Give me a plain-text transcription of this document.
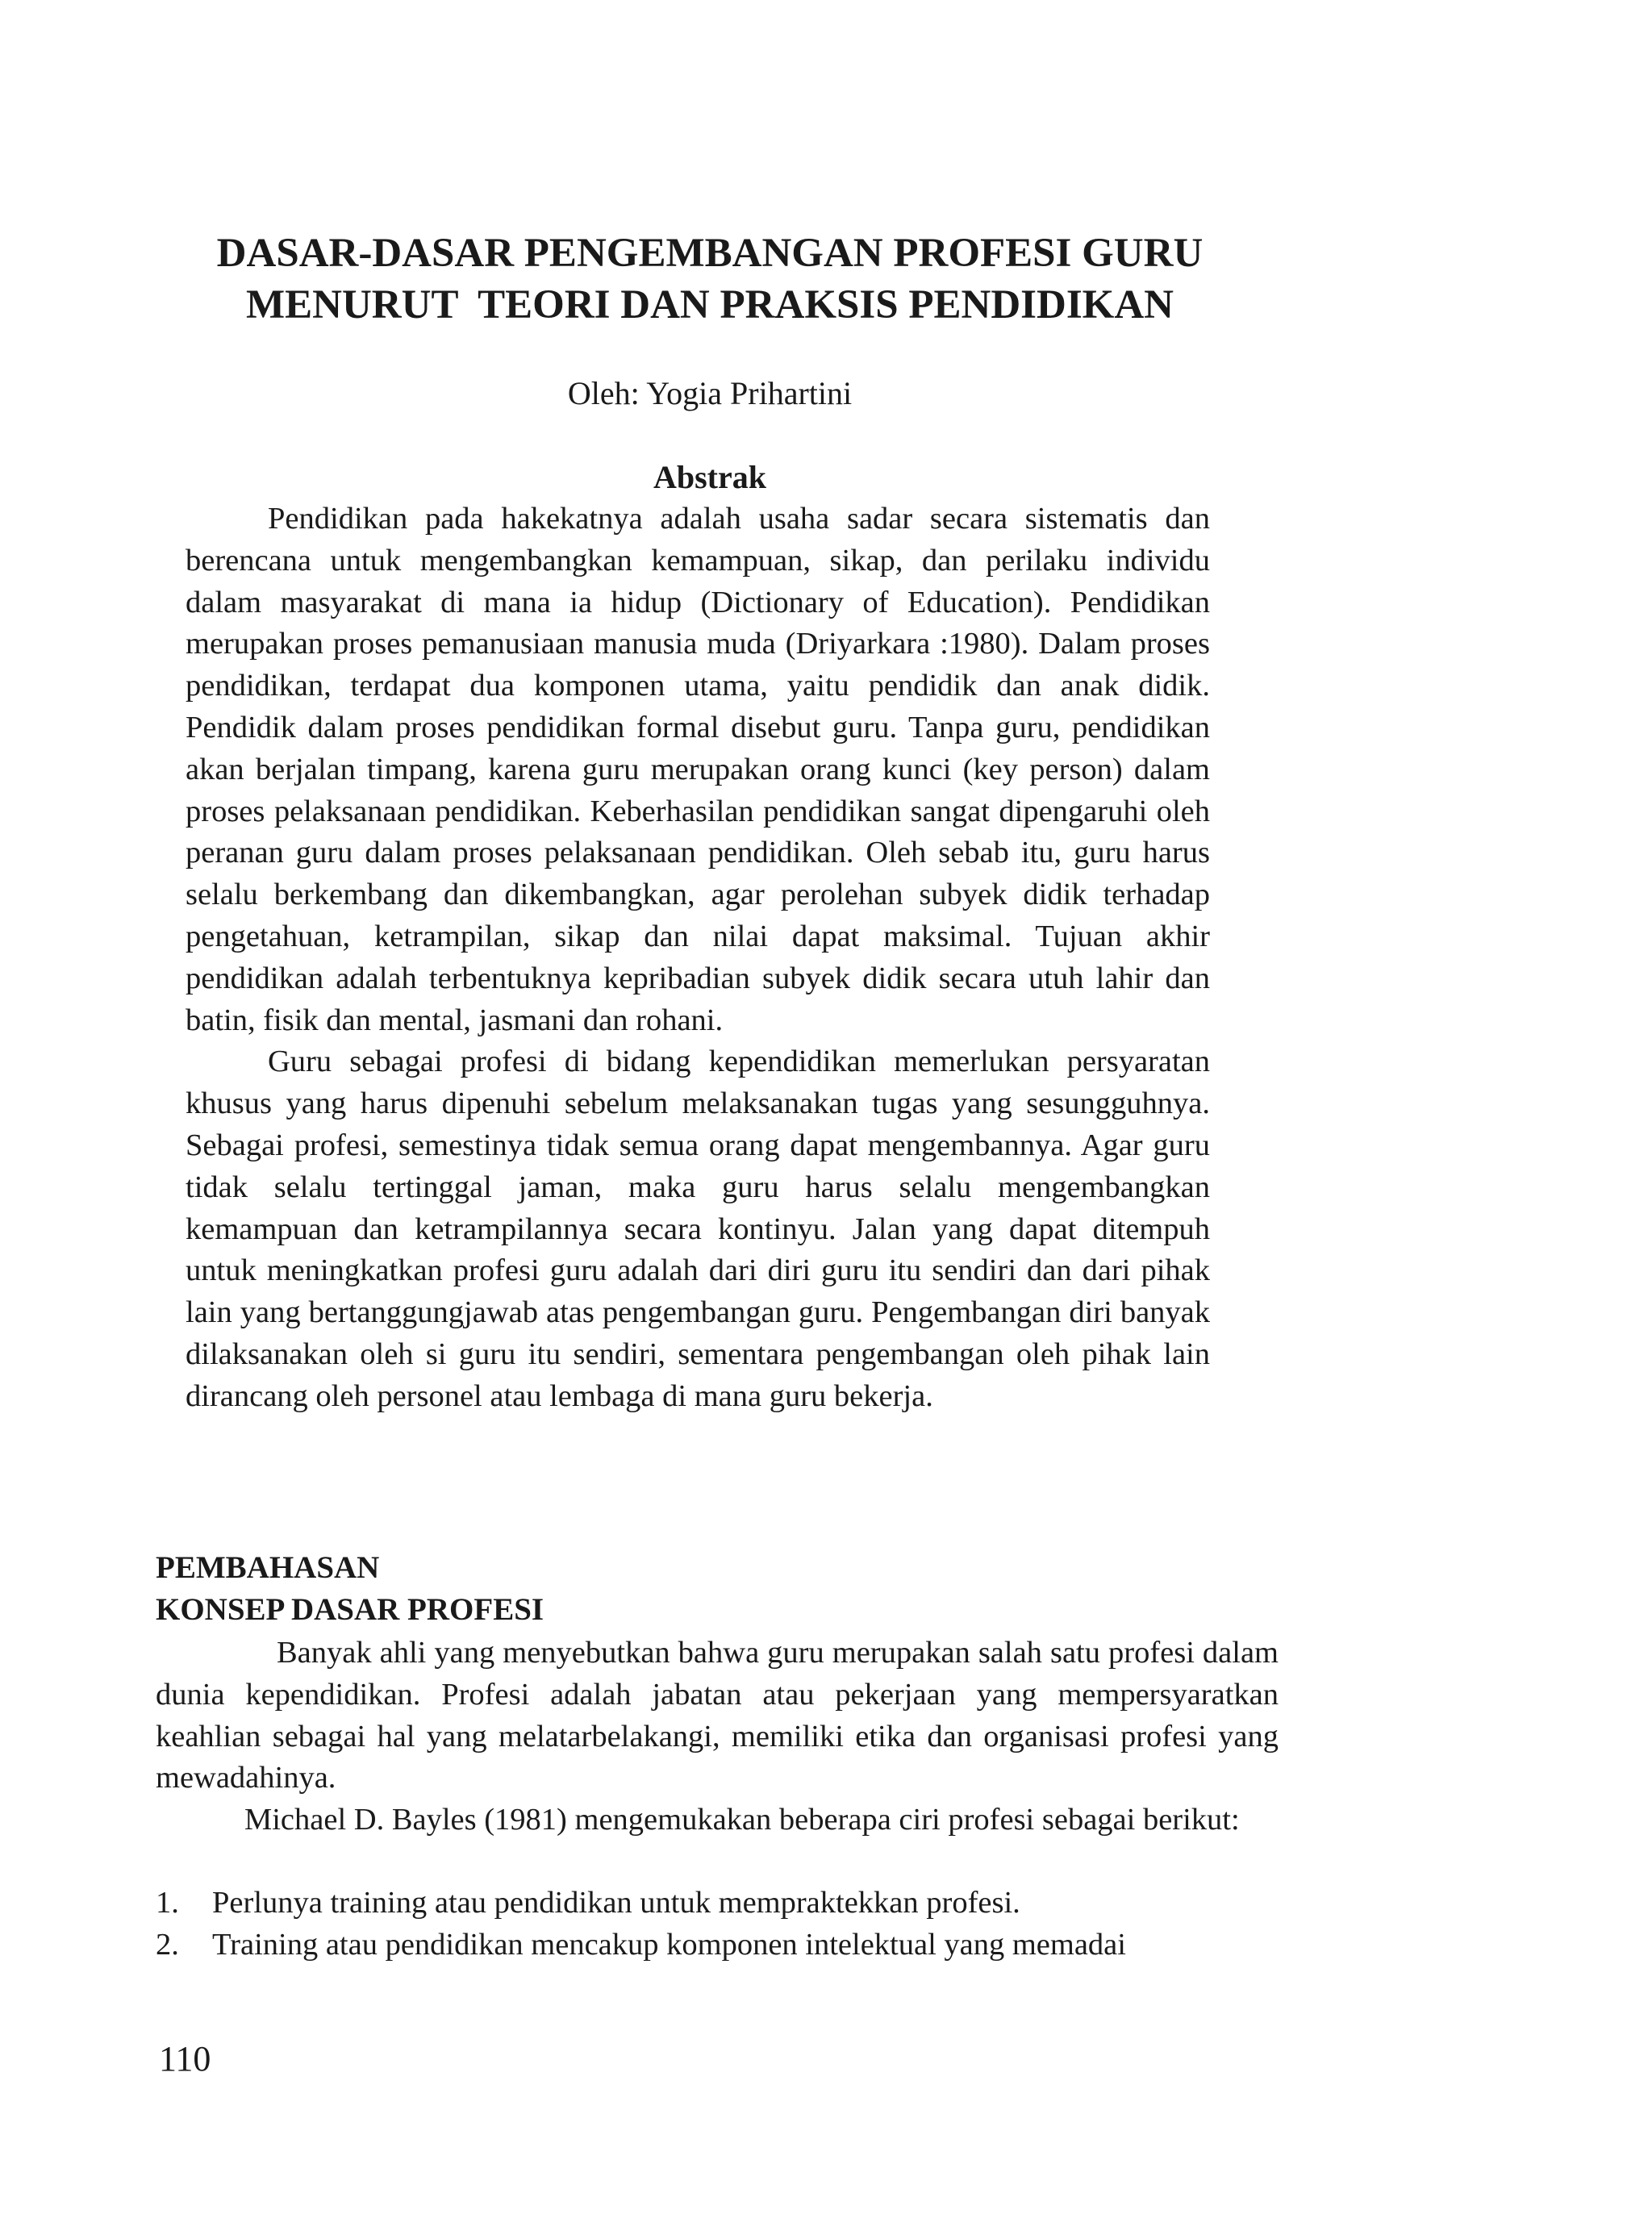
DASAR-DASAR PENGEMBANGAN PROFESI GURU
MENURUT  TEORI DAN PRAKSIS PENDIDIKAN
Oleh: Yogia Prihartini
Abstrak

Pendidikan pada hakekatnya adalah usaha sadar secara sistematis dan berencana untuk mengembangkan kemampuan, sikap, dan perilaku individu dalam masyarakat di mana ia hidup (Dictionary of Education). Pendidikan merupakan proses pemanusiaan manusia muda (Driyarkara :1980). Dalam proses pendidikan, terdapat dua komponen utama, yaitu pendidik dan anak didik. Pendidik dalam proses pendidikan formal disebut guru. Tanpa guru, pendidikan akan berjalan timpang, karena guru merupakan orang kunci (key person) dalam proses pelaksanaan pendidikan. Keberhasilan pendidikan sangat dipengaruhi oleh peranan guru dalam proses pelaksanaan pendidikan. Oleh sebab itu, guru harus selalu berkembang dan dikembangkan, agar perolehan subyek didik terhadap pengetahuan, ketrampilan, sikap dan nilai dapat maksimal. Tujuan akhir pendidikan adalah terbentuknya kepribadian subyek didik secara utuh lahir dan batin, fisik dan mental, jasmani dan rohani.

Guru sebagai profesi di bidang kependidikan memerlukan persyaratan khusus yang harus dipenuhi sebelum melaksanakan tugas yang sesungguhnya. Sebagai profesi, semestinya tidak semua orang dapat mengembannya. Agar guru tidak selalu tertinggal jaman, maka guru harus selalu mengembangkan kemampuan dan ketrampilannya secara kontinyu. Jalan yang dapat ditempuh untuk meningkatkan profesi guru adalah dari diri guru itu sendiri dan dari pihak lain yang bertanggungjawab atas pengembangan guru. Pengembangan diri banyak dilaksanakan oleh si guru itu sendiri, sementara pengembangan oleh pihak lain dirancang oleh personel atau lembaga di mana guru bekerja.

PEMBAHASAN
KONSEP DASAR PROFESI

Banyak ahli yang menyebutkan bahwa guru merupakan salah satu profesi dalam dunia kependidikan. Profesi adalah jabatan atau pekerjaan yang mempersyaratkan keahlian sebagai hal yang melatarbelakangi, memiliki etika dan organisasi profesi yang mewadahinya.

Michael D. Bayles (1981) mengemukakan beberapa ciri profesi sebagai berikut:

1.	Perlunya training atau pendidikan untuk mempraktekkan profesi.
2.	Training atau pendidikan mencakup komponen intelektual yang memadai
110
